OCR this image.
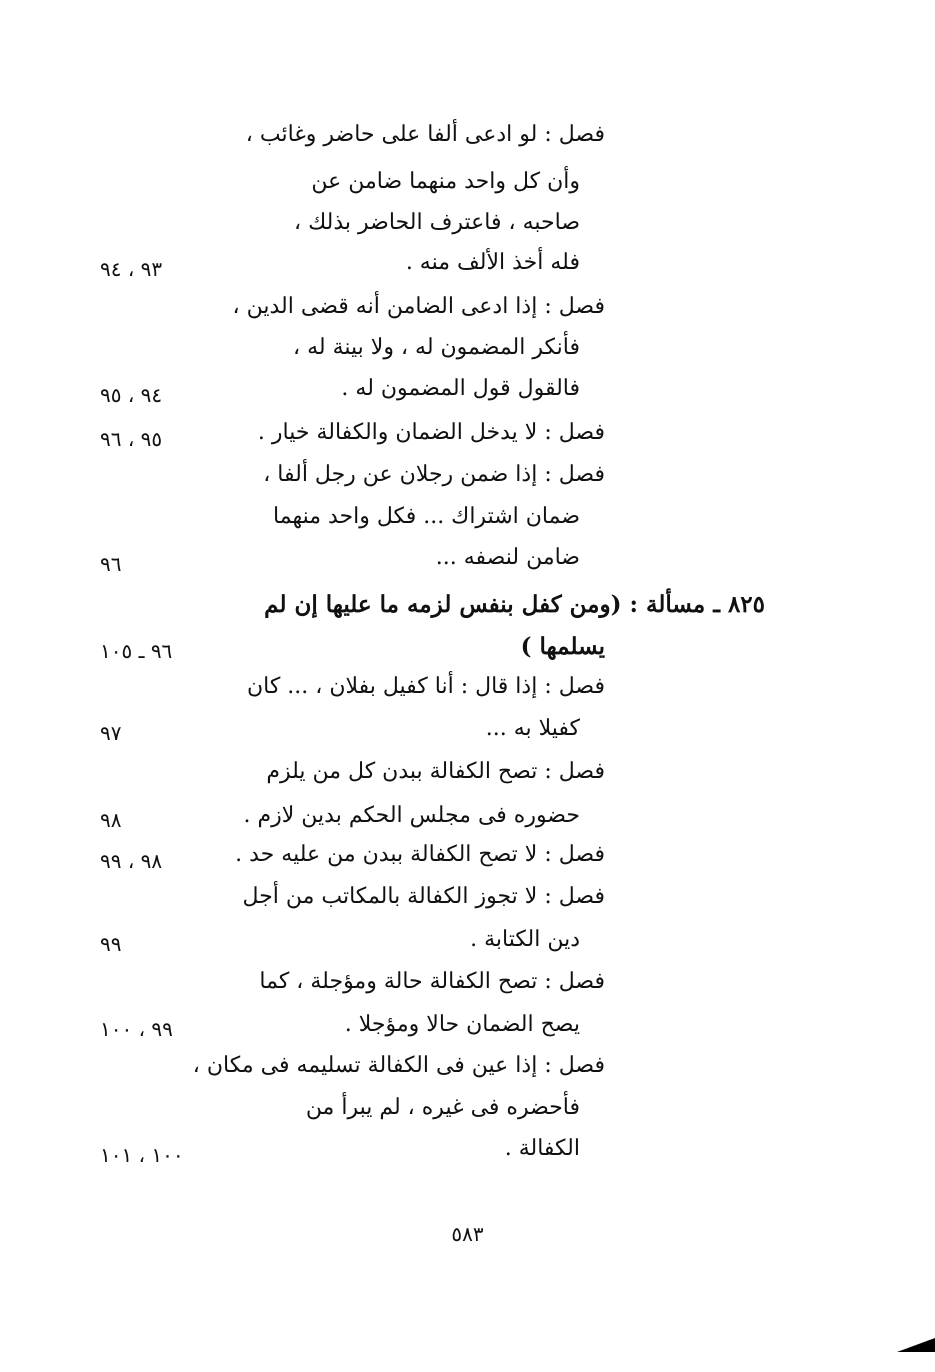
فصل : لو ادعى ألفا على حاضر وغائب ،
وأن كل واحد منهما ضامن عن
صاحبه ، فاعترف الحاضر بذلك ،
فله أخذ الألف منه .
٩٣ ، ٩٤
فصل : إذا ادعى الضامن أنه قضى الدين ،
فأنكر المضمون له ، ولا بينة له ،
فالقول قول المضمون له .
٩٤ ، ٩٥
فصل : لا يدخل الضمان والكفالة خيار .
٩٥ ، ٩٦
فصل : إذا ضمن رجلان عن رجل ألفا ،
ضمان اشتراك ... فكل واحد منهما
ضامن لنصفه ...
٩٦
٨٢٥ ـ مسألة : (ومن كفل بنفس لزمه ما عليها إن لم
يسلمها )
٩٦ ـ ١٠٥
فصل : إذا قال : أنا كفيل بفلان ، ... كان
كفيلا به ...
٩٧
فصل : تصح الكفالة ببدن كل من يلزم
حضوره فى مجلس الحكم بدين لازم .
٩٨
فصل : لا تصح الكفالة ببدن من عليه حد .
٩٨ ، ٩٩
فصل : لا تجوز الكفالة بالمكاتب من أجل
دين الكتابة .
٩٩
فصل : تصح الكفالة حالة ومؤجلة ، كما
يصح الضمان حالا ومؤجلا .
٩٩ ، ١٠٠
فصل : إذا عين فى الكفالة تسليمه فى مكان ،
فأحضره فى غيره ، لم يبرأ من
الكفالة .
١٠٠ ، ١٠١
٥٨٣
